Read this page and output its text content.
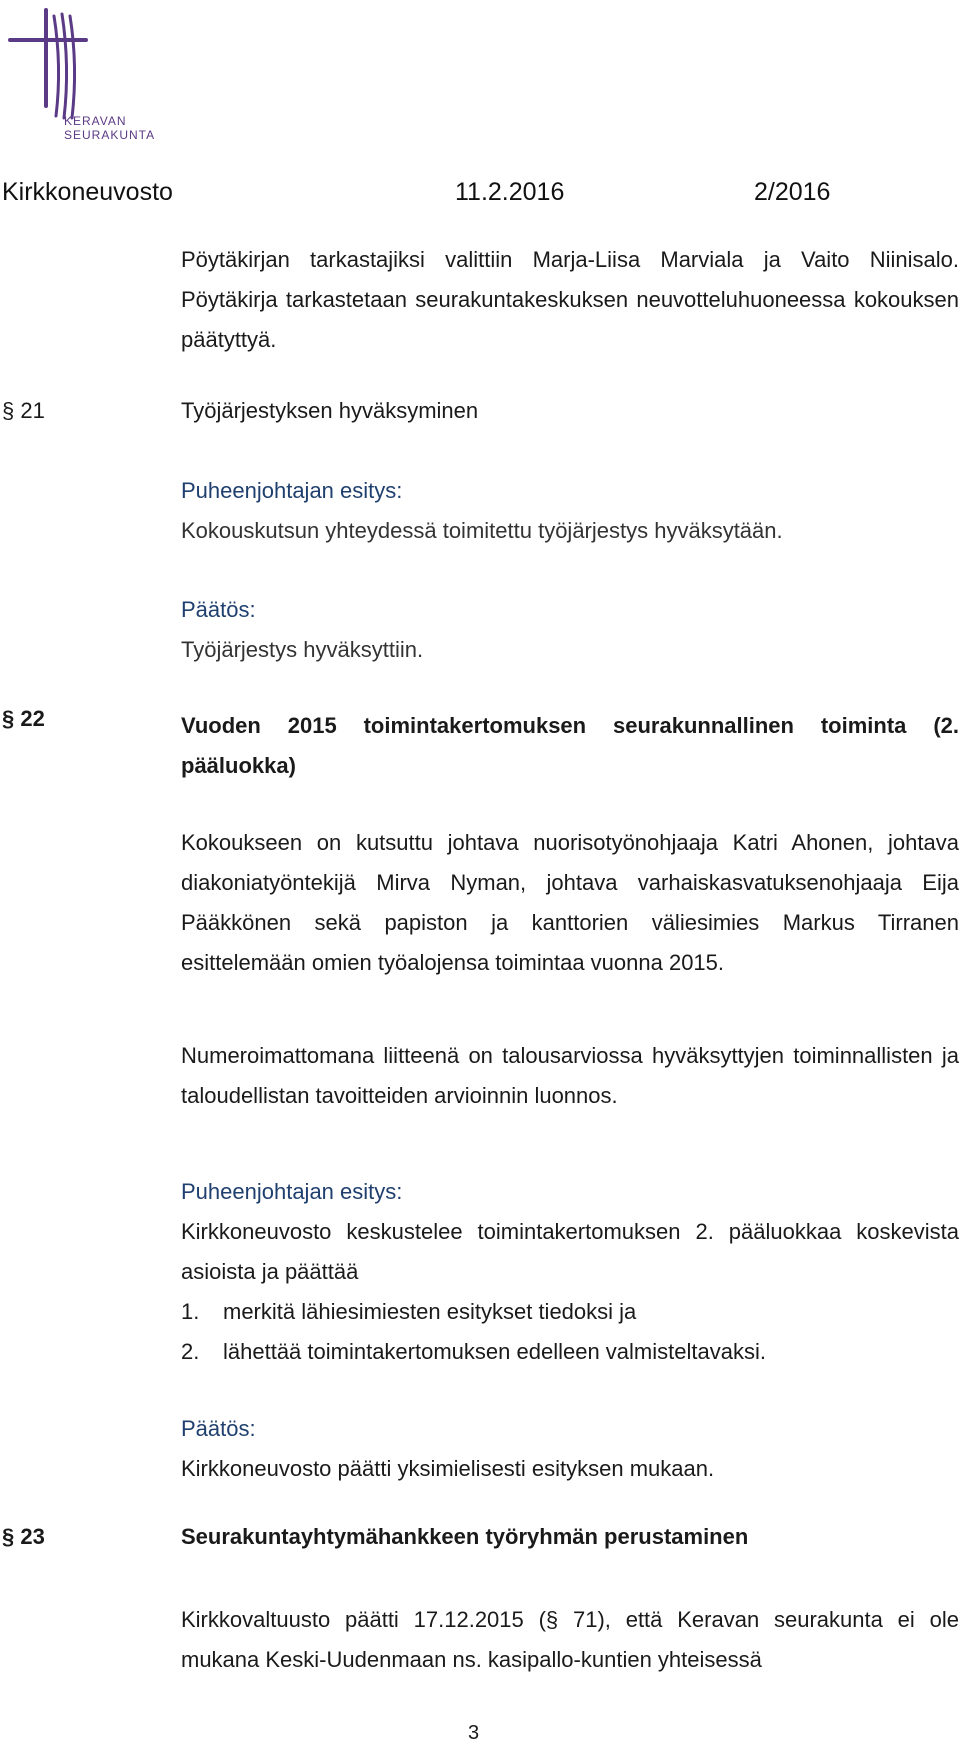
KERAVAN
SEURAKUNTA
Kirkkoneuvosto	11.2.2016	2/2016
Pöytäkirjan tarkastajiksi valittiin Marja-Liisa Marviala ja Vaito Niinisalo. Pöytäkirja tarkastetaan seurakuntakeskuksen neuvotteluhuoneessa kokouksen päätyttyä.
§ 21	Työjärjestyksen hyväksyminen
Puheenjohtajan esitys:
Kokouskutsun yhteydessä toimitettu työjärjestys hyväksytään.
Päätös:
Työjärjestys hyväksyttiin.
§ 22	Vuoden 2015 toimintakertomuksen seurakunnallinen toiminta (2. pääluokka)
Kokoukseen on kutsuttu johtava nuorisotyönohjaaja Katri Ahonen, johtava diakoniatyöntekijä Mirva Nyman, johtava varhaiskasvatuksenohjaaja Eija Pääkkönen sekä papiston ja kanttorien väliesimies Markus Tirranen esittelemään omien työalojensa toimintaa vuonna 2015.
Numeroimattomana liitteenä on talousarviossa hyväksyttyjen toiminnallisten ja taloudellistan tavoitteiden arvioinnin luonnos.
Puheenjohtajan esitys:
Kirkkoneuvosto keskustelee toimintakertomuksen 2. pääluokkaa koskevista asioista ja päättää
1. merkitä lähiesimiesten esitykset tiedoksi ja
2. lähettää toimintakertomuksen edelleen valmisteltavaksi.
Päätös:
Kirkkoneuvosto päätti yksimielisesti esityksen mukaan.
§ 23	Seurakuntayhtymähankkeen työryhmän perustaminen
Kirkkovaltuusto päätti 17.12.2015 (§ 71), että Keravan seurakunta ei ole mukana Keski-Uudenmaan ns. kasipallo-kuntien yhteisessä
3
